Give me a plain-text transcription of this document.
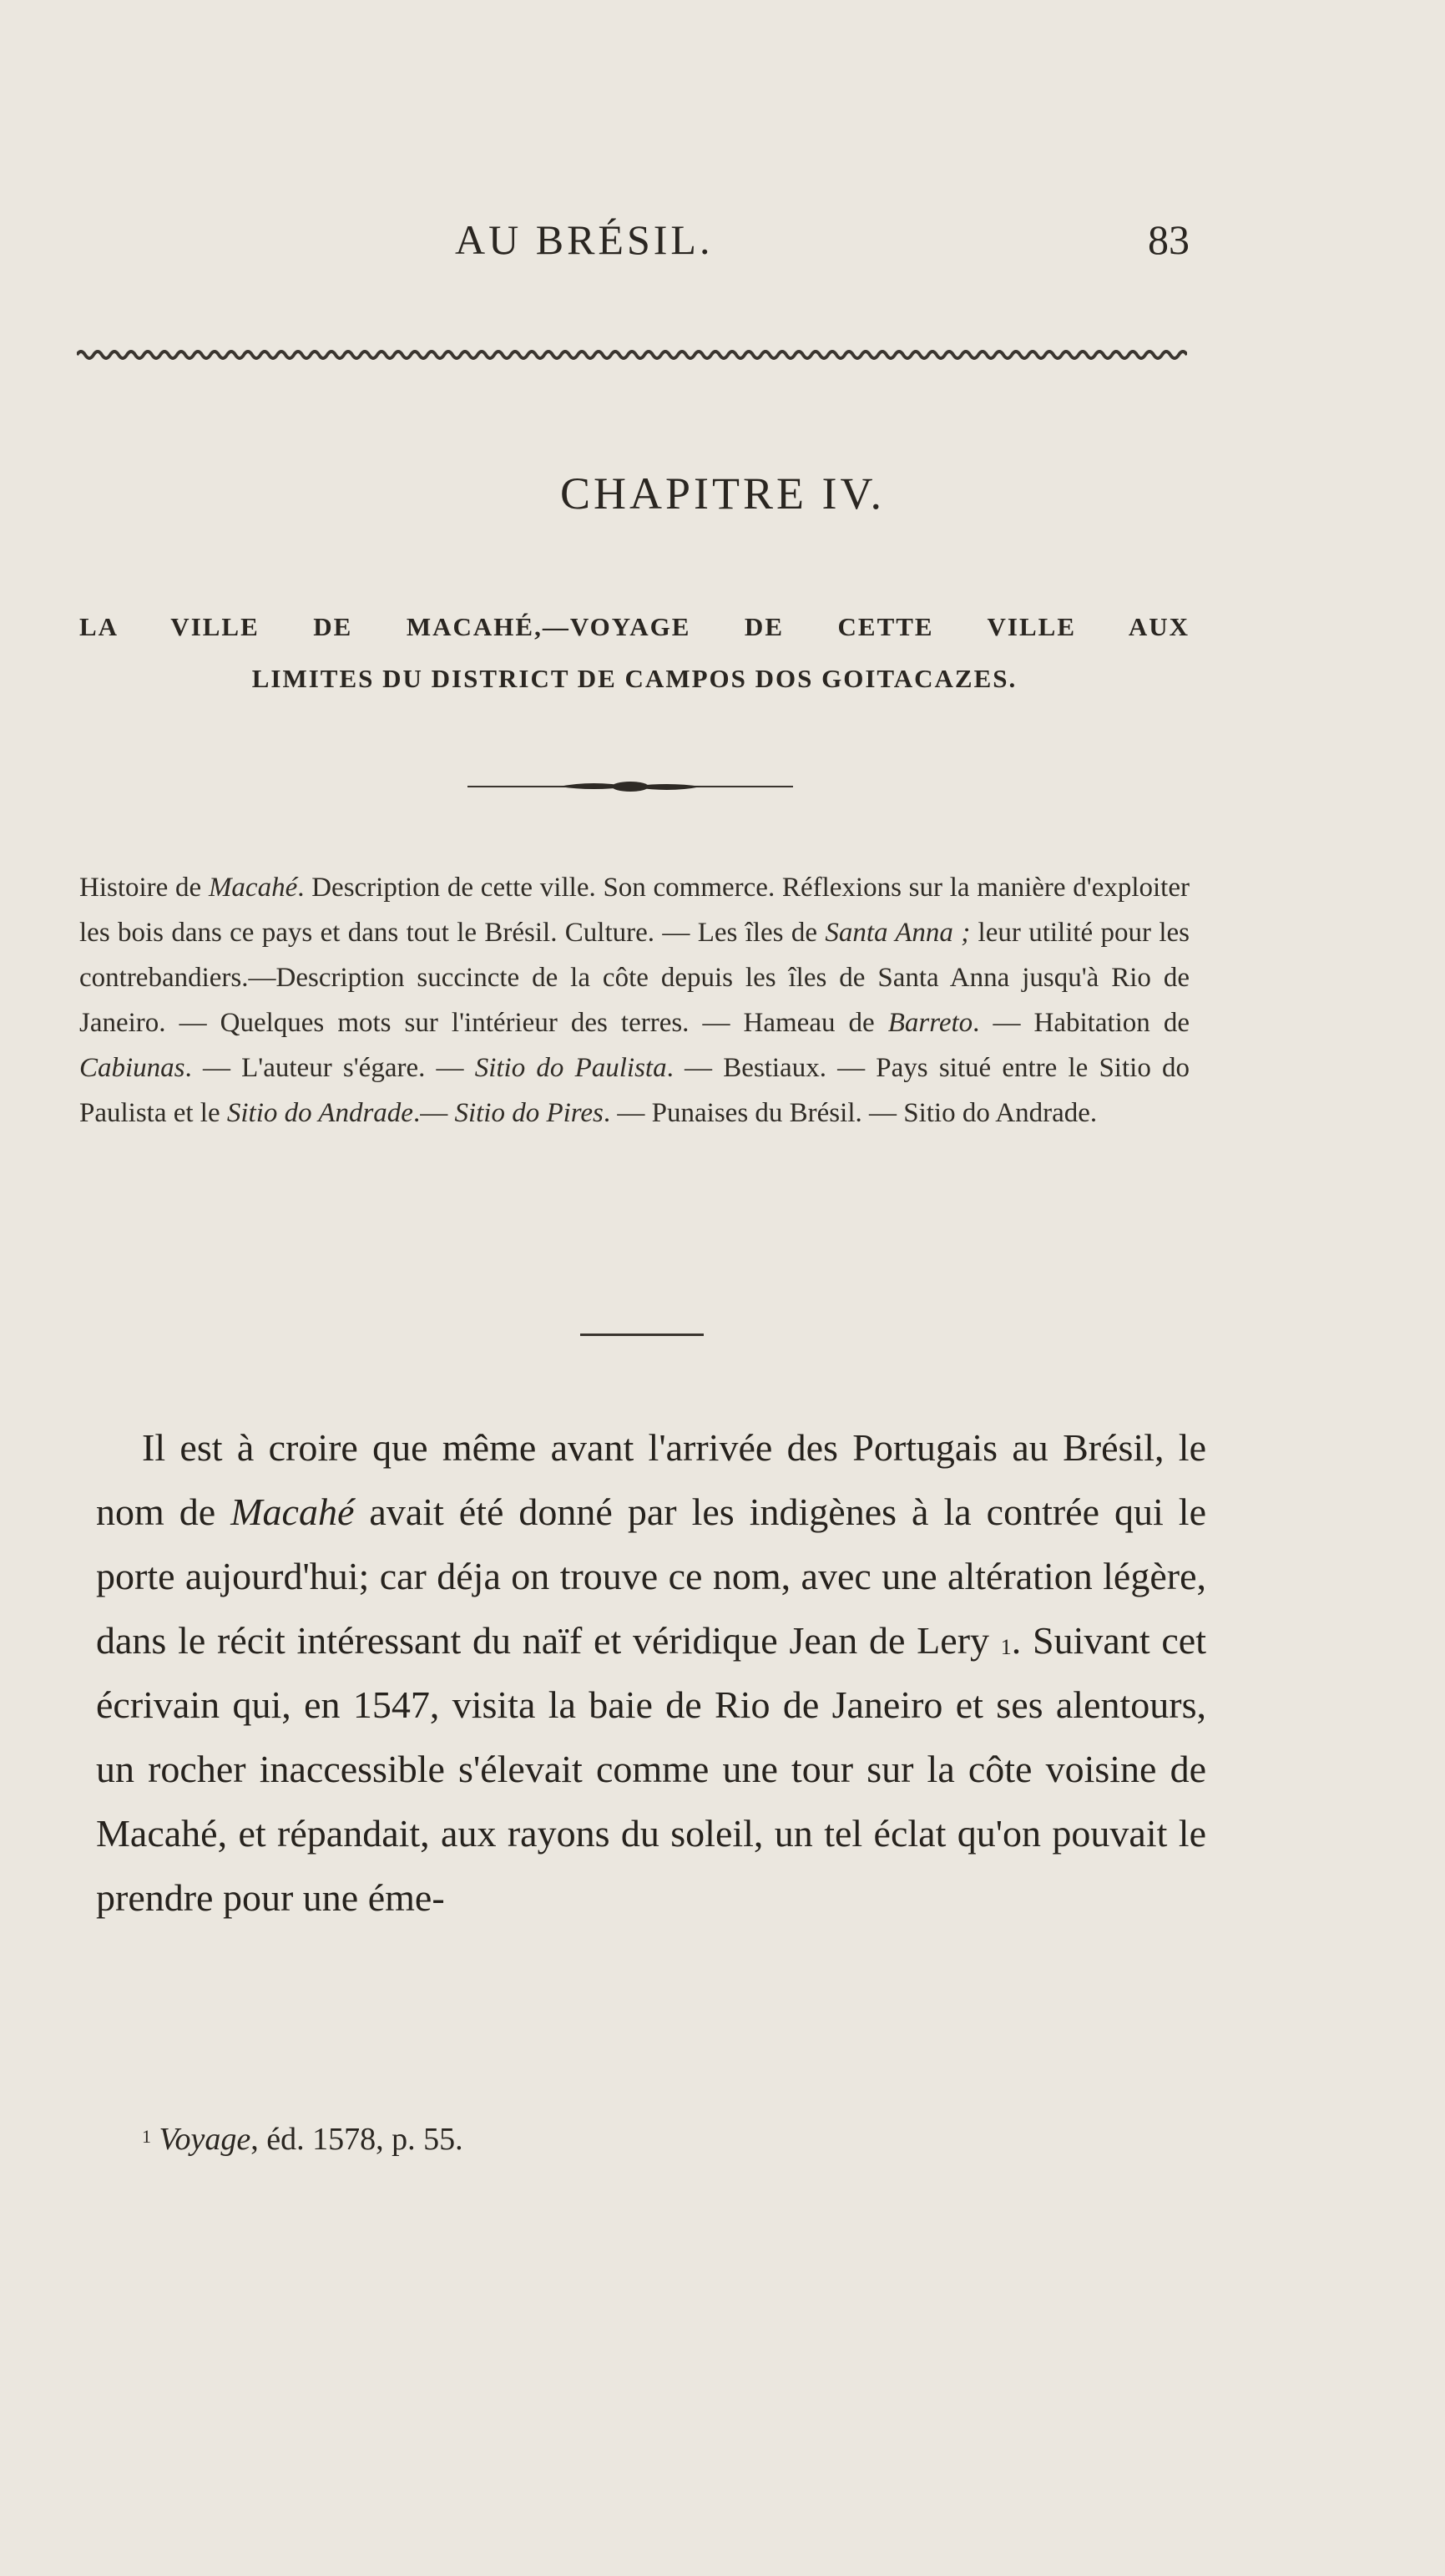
AU BRÉSIL.	83
CHAPITRE IV.
LA VILLE DE MACAHÉ,—VOYAGE DE CETTE VILLE AUX
LIMITES DU DISTRICT DE CAMPOS DOS GOITACAZES.
Histoire de Macahé. Description de cette ville. Son commerce. Réflexions sur la manière d'exploiter les bois dans ce pays et dans tout le Brésil. Culture. — Les îles de Santa Anna ; leur utilité pour les contrebandiers.—Description succincte de la côte depuis les îles de Santa Anna jusqu'à Rio de Janeiro. — Quelques mots sur l'intérieur des terres. — Hameau de Barreto. — Habitation de Cabiunas. — L'auteur s'égare. — Sitio do Paulista. — Bestiaux. — Pays situé entre le Sitio do Paulista et le Sitio do Andrade.— Sitio do Pires. — Punaises du Brésil. — Sitio do Andrade.
Il est à croire que même avant l'arrivée des Portugais au Brésil, le nom de Macahé avait été donné par les indigènes à la contrée qui le porte aujourd'hui; car déja on trouve ce nom, avec une altération légère, dans le récit intéressant du naïf et véridique Jean de Lery $^1$. Suivant cet écrivain qui, en 1547, visita la baie de Rio de Janeiro et ses alentours, un rocher inaccessible s'élevait comme une tour sur la côte voisine de Macahé, et répandait, aux rayons du soleil, un tel éclat qu'on pouvait le prendre pour une éme-
$^1$ Voyage, éd. 1578, p. 55.
